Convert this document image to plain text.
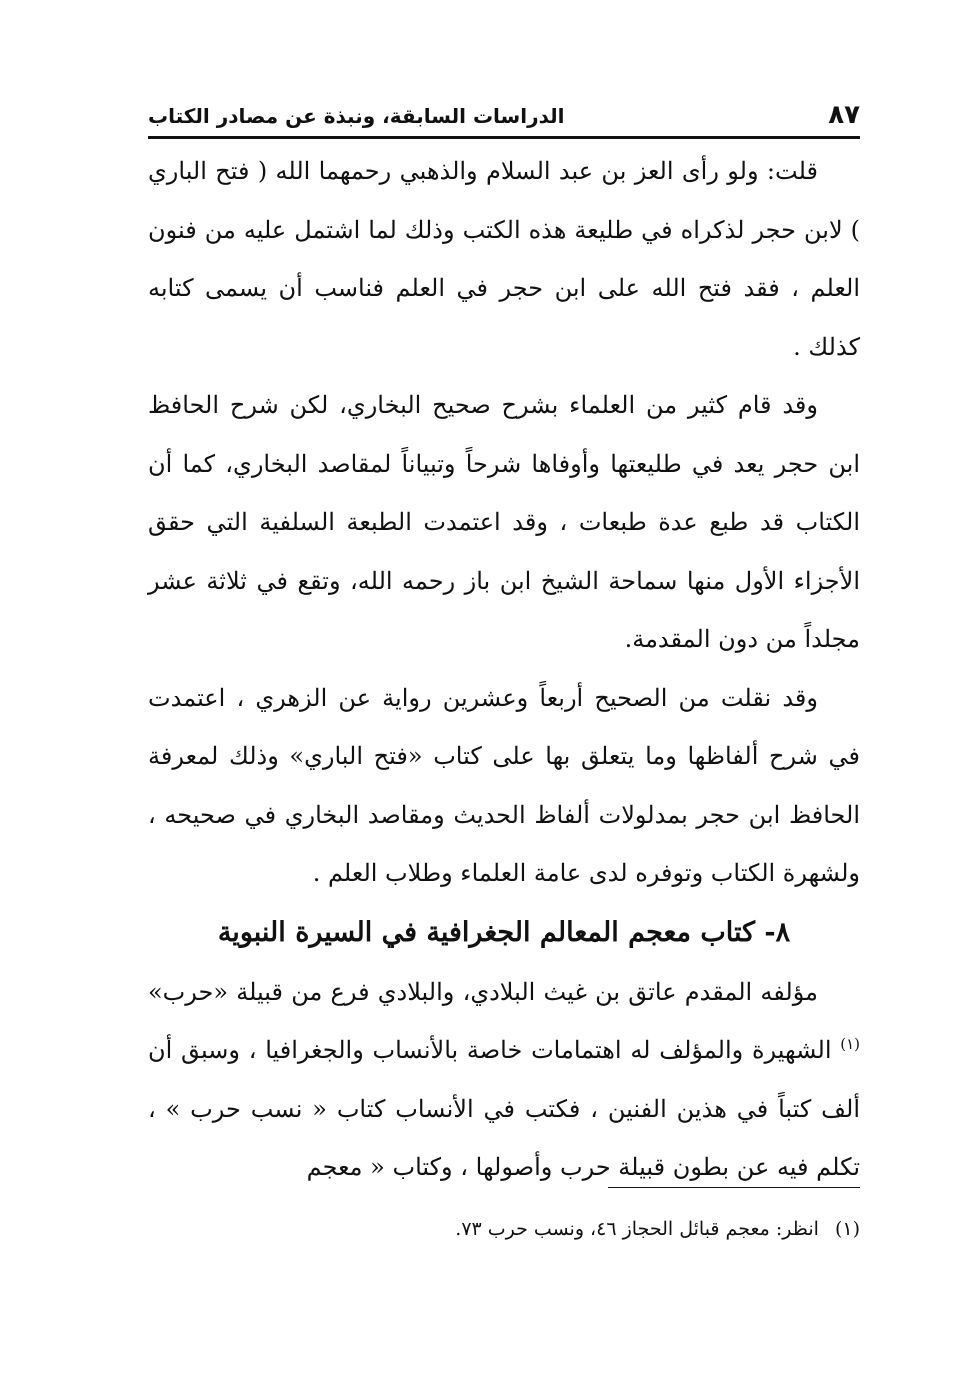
٨٧
الدراسات السابقة، ونبذة عن مصادر الكتاب

قلت: ولو رأى العز بن عبد السلام والذهبي رحمهما الله ( فتح الباري ) لابن حجر لذكراه في طليعة هذه الكتب وذلك لما اشتمل عليه من فنون العلم ، فقد فتح الله على ابن حجر في العلم فناسب أن يسمى كتابه كذلك .

وقد قام كثير من العلماء بشرح صحيح البخاري، لكن شرح الحافظ ابن حجر يعد في طليعتها وأوفاها شرحاً وتبياناً لمقاصد البخاري، كما أن الكتاب قد طبع عدة طبعات ، وقد اعتمدت الطبعة السلفية التي حقق الأجزاء الأول منها سماحة الشيخ ابن باز رحمه الله، وتقع في ثلاثة عشر مجلداً من دون المقدمة.

وقد نقلت من الصحيح أربعاً وعشرين رواية عن الزهري ، اعتمدت في شرح ألفاظها وما يتعلق بها على كتاب «فتح الباري» وذلك لمعرفة الحافظ ابن حجر بمدلولات ألفاظ الحديث ومقاصد البخاري في صحيحه ، ولشهرة الكتاب وتوفره لدى عامة العلماء وطلاب العلم .

٨- كتاب معجم المعالم الجغرافية في السيرة النبوية

مؤلفه المقدم عاتق بن غيث البلادي، والبلادي فرع من قبيلة «حرب» $^{(١)}$ الشهيرة والمؤلف له اهتمامات خاصة بالأنساب والجغرافيا ، وسبق أن ألف كتباً في هذين الفنين ، فكتب في الأنساب كتاب « نسب حرب » ، تكلم فيه عن بطون قبيلة حرب وأصولها ، وكتاب « معجم

(١) انظر: معجم قبائل الحجاز ٤٦، ونسب حرب ٧٣.
